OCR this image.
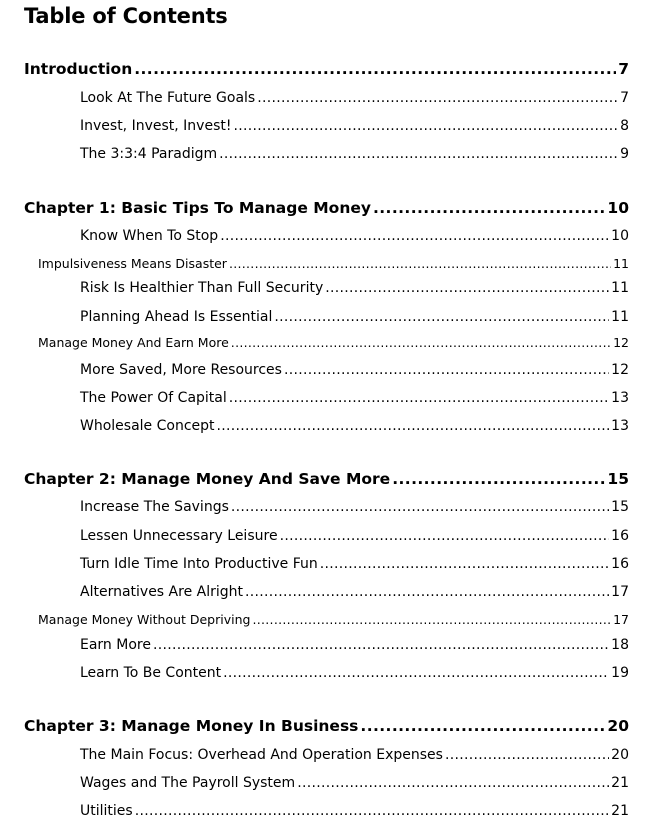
Table of Contents
Introduction .....	7
Look At The Future Goals .....	7
Invest, Invest, Invest! .....	8
The 3:3:4 Paradigm .....	9
Chapter 1: Basic Tips To Manage Money .....	10
Know When To Stop .....	10
Impulsiveness Means Disaster .....	11
Risk Is Healthier Than Full Security .....	11
Planning Ahead Is Essential .....	11
Manage Money And Earn More .....	12
More Saved, More Resources .....	12
The Power Of Capital .....	13
Wholesale Concept .....	13
Chapter 2: Manage Money And Save More .....	15
Increase The Savings .....	15
Lessen Unnecessary Leisure .....	16
Turn Idle Time Into Productive Fun .....	16
Alternatives Are Alright .....	17
Manage Money Without Depriving .....	17
Earn More .....	18
Learn To Be Content .....	19
Chapter 3: Manage Money In Business .....	20
The Main Focus: Overhead And Operation Expenses .....	20
Wages and The Payroll System .....	21
Utilities .....	21
